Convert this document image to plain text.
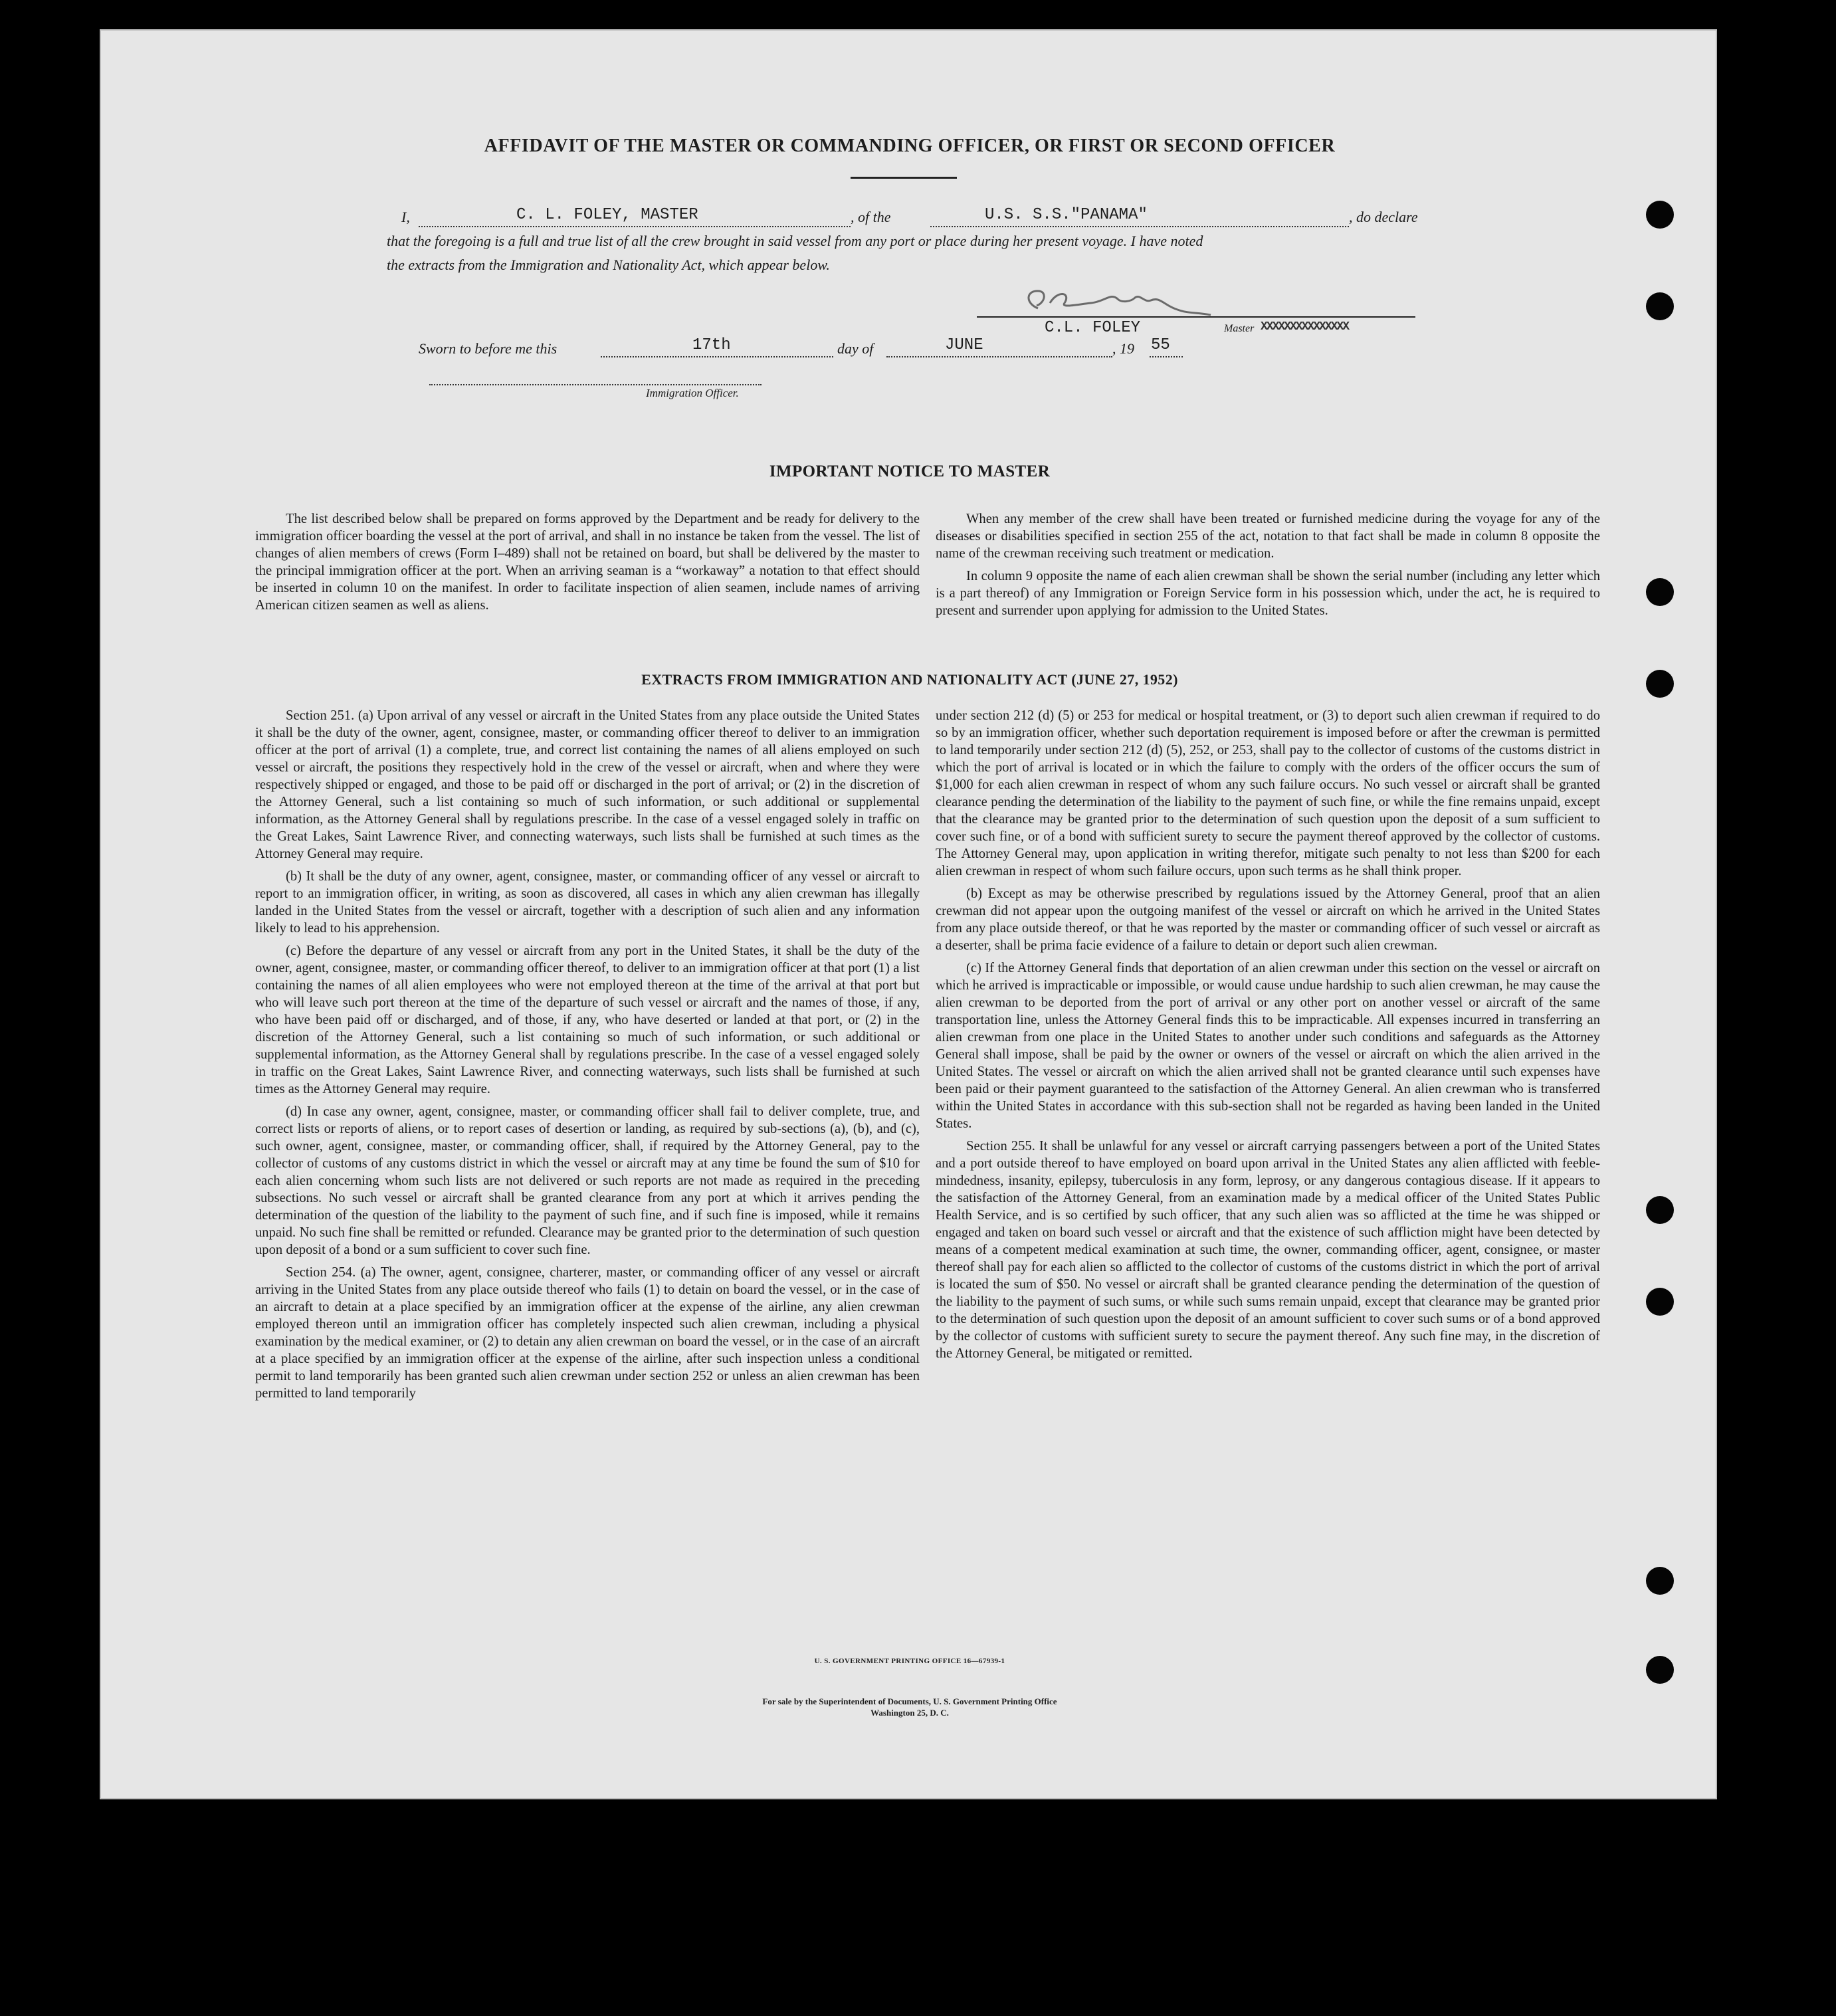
AFFIDAVIT OF THE MASTER OR COMMANDING OFFICER, OR FIRST OR SECOND OFFICER
I,	C. L. FOLEY, MASTER	, of the	U.S. S.S."PANAMA"	, do declare
that the foregoing is a full and true list of all the crew brought in said vessel from any port or place during her present voyage. I have noted
the extracts from the Immigration and Nationality Act, which appear below.
C.L. FOLEY	Master XXXXXXXXXXXXXXX
Sworn to before me this	17th	day of	JUNE	, 19 55
Immigration Officer.
IMPORTANT NOTICE TO MASTER

The list described below shall be prepared on forms approved by the Department and be ready for delivery to the immigration officer boarding the vessel at the port of arrival, and shall in no instance be taken from the vessel. The list of changes of alien members of crews (Form I–489) shall not be retained on board, but shall be delivered by the master to the principal immigration officer at the port. When an arriving seaman is a “workaway” a notation to that effect should be inserted in column 10 on the manifest. In order to facilitate inspection of alien seamen, include names of arriving American citizen seamen as well as aliens.

When any member of the crew shall have been treated or furnished medicine during the voyage for any of the diseases or disabilities specified in section 255 of the act, notation to that fact shall be made in column 8 opposite the name of the crewman receiving such treatment or medication.

In column 9 opposite the name of each alien crewman shall be shown the serial number (including any letter which is a part thereof) of any Immigration or Foreign Service form in his possession which, under the act, he is required to present and surrender upon applying for admission to the United States.

EXTRACTS FROM IMMIGRATION AND NATIONALITY ACT (JUNE 27, 1952)

Section 251. (a) Upon arrival of any vessel or aircraft in the United States from any place outside the United States it shall be the duty of the owner, agent, consignee, master, or commanding officer thereof to deliver to an immigration officer at the port of arrival (1) a complete, true, and correct list containing the names of all aliens employed on such vessel or aircraft, the positions they respectively hold in the crew of the vessel or aircraft, when and where they were respectively shipped or engaged, and those to be paid off or discharged in the port of arrival; or (2) in the discretion of the Attorney General, such a list containing so much of such information, or such additional or supplemental information, as the Attorney General shall by regulations prescribe. In the case of a vessel engaged solely in traffic on the Great Lakes, Saint Lawrence River, and connecting waterways, such lists shall be furnished at such times as the Attorney General may require.

(b) It shall be the duty of any owner, agent, consignee, master, or commanding officer of any vessel or aircraft to report to an immigration officer, in writing, as soon as discovered, all cases in which any alien crewman has illegally landed in the United States from the vessel or aircraft, together with a description of such alien and any information likely to lead to his apprehension.

(c) Before the departure of any vessel or aircraft from any port in the United States, it shall be the duty of the owner, agent, consignee, master, or commanding officer thereof, to deliver to an immigration officer at that port (1) a list containing the names of all alien employees who were not employed thereon at the time of the arrival at that port but who will leave such port thereon at the time of the departure of such vessel or aircraft and the names of those, if any, who have been paid off or discharged, and of those, if any, who have deserted or landed at that port, or (2) in the discretion of the Attorney General, such a list containing so much of such information, or such additional or supplemental information, as the Attorney General shall by regulations prescribe. In the case of a vessel engaged solely in traffic on the Great Lakes, Saint Lawrence River, and connecting waterways, such lists shall be furnished at such times as the Attorney General may require.

(d) In case any owner, agent, consignee, master, or commanding officer shall fail to deliver complete, true, and correct lists or reports of aliens, or to report cases of desertion or landing, as required by sub-sections (a), (b), and (c), such owner, agent, consignee, master, or commanding officer, shall, if required by the Attorney General, pay to the collector of customs of any customs district in which the vessel or aircraft may at any time be found the sum of $10 for each alien concerning whom such lists are not delivered or such reports are not made as required in the preceding subsections. No such vessel or aircraft shall be granted clearance from any port at which it arrives pending the determination of the question of the liability to the payment of such fine, and if such fine is imposed, while it remains unpaid. No such fine shall be remitted or refunded. Clearance may be granted prior to the determination of such question upon deposit of a bond or a sum sufficient to cover such fine.

Section 254. (a) The owner, agent, consignee, charterer, master, or commanding officer of any vessel or aircraft arriving in the United States from any place outside thereof who fails (1) to detain on board the vessel, or in the case of an aircraft to detain at a place specified by an immigration officer at the expense of the airline, any alien crewman employed thereon until an immigration officer has completely inspected such alien crewman, including a physical examination by the medical examiner, or (2) to detain any alien crewman on board the vessel, or in the case of an aircraft at a place specified by an immigration officer at the expense of the airline, after such inspection unless a conditional permit to land temporarily has been granted such alien crewman under section 252 or unless an alien crewman has been permitted to land temporarily

under section 212 (d) (5) or 253 for medical or hospital treatment, or (3) to deport such alien crewman if required to do so by an immigration officer, whether such deportation requirement is imposed before or after the crewman is permitted to land temporarily under section 212 (d) (5), 252, or 253, shall pay to the collector of customs of the customs district in which the port of arrival is located or in which the failure to comply with the orders of the officer occurs the sum of $1,000 for each alien crewman in respect of whom any such failure occurs. No such vessel or aircraft shall be granted clearance pending the determination of the liability to the payment of such fine, or while the fine remains unpaid, except that the clearance may be granted prior to the determination of such question upon the deposit of a sum sufficient to cover such fine, or of a bond with sufficient surety to secure the payment thereof approved by the collector of customs. The Attorney General may, upon application in writing therefor, mitigate such penalty to not less than $200 for each alien crewman in respect of whom such failure occurs, upon such terms as he shall think proper.

(b) Except as may be otherwise prescribed by regulations issued by the Attorney General, proof that an alien crewman did not appear upon the outgoing manifest of the vessel or aircraft on which he arrived in the United States from any place outside thereof, or that he was reported by the master or commanding officer of such vessel or aircraft as a deserter, shall be prima facie evidence of a failure to detain or deport such alien crewman.

(c) If the Attorney General finds that deportation of an alien crewman under this section on the vessel or aircraft on which he arrived is impracticable or impossible, or would cause undue hardship to such alien crewman, he may cause the alien crewman to be deported from the port of arrival or any other port on another vessel or aircraft of the same transportation line, unless the Attorney General finds this to be impracticable. All expenses incurred in transferring an alien crewman from one place in the United States to another under such conditions and safeguards as the Attorney General shall impose, shall be paid by the owner or owners of the vessel or aircraft on which the alien arrived in the United States. The vessel or aircraft on which the alien arrived shall not be granted clearance until such expenses have been paid or their payment guaranteed to the satisfaction of the Attorney General. An alien crewman who is transferred within the United States in accordance with this sub-section shall not be regarded as having been landed in the United States.

Section 255. It shall be unlawful for any vessel or aircraft carrying passengers between a port of the United States and a port outside thereof to have employed on board upon arrival in the United States any alien afflicted with feeble-mindedness, insanity, epilepsy, tuberculosis in any form, leprosy, or any dangerous contagious disease. If it appears to the satisfaction of the Attorney General, from an examination made by a medical officer of the United States Public Health Service, and is so certified by such officer, that any such alien was so afflicted at the time he was shipped or engaged and taken on board such vessel or aircraft and that the existence of such affliction might have been detected by means of a competent medical examination at such time, the owner, commanding officer, agent, consignee, or master thereof shall pay for each alien so afflicted to the collector of customs of the customs district in which the port of arrival is located the sum of $50. No vessel or aircraft shall be granted clearance pending the determination of the question of the liability to the payment of such sums, or while such sums remain unpaid, except that clearance may be granted prior to the determination of such question upon the deposit of an amount sufficient to cover such sums or of a bond approved by the collector of customs with sufficient surety to secure the payment thereof. Any such fine may, in the discretion of the Attorney General, be mitigated or remitted.

U. S. GOVERNMENT PRINTING OFFICE 16—67939-1
For sale by the Superintendent of Documents, U. S. Government Printing Office
Washington 25, D. C.
